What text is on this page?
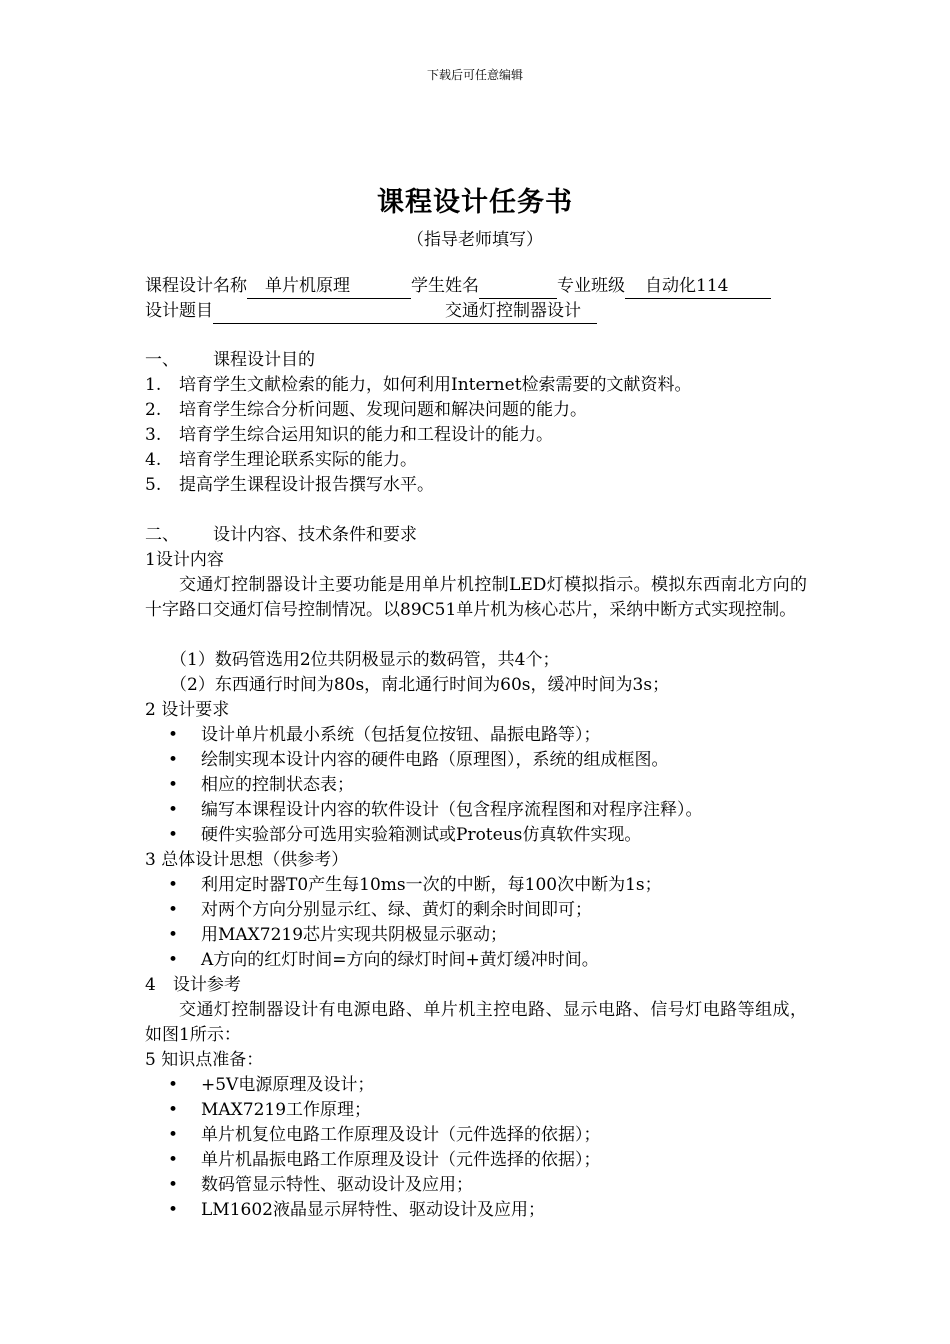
下载后可任意编辑
课程设计任务书
（指导老师填写）
课程设计名称 单片机原理	学生姓名	专业班级 自动化114
设计题目	交通灯控制器设计
一、 课程设计目的
1. 培育学生文献检索的能力，如何利用Internet检索需要的文献资料。
2. 培育学生综合分析问题、发现问题和解决问题的能力。
3. 培育学生综合运用知识的能力和工程设计的能力。
4. 培育学生理论联系实际的能力。
5. 提高学生课程设计报告撰写水平。
二、 设计内容、技术条件和要求
1设计内容
交通灯控制器设计主要功能是用单片机控制LED灯模拟指示。模拟东西南北方向的十字路口交通灯信号控制情况。以89C51单片机为核心芯片，采纳中断方式实现控制。
（1）数码管选用2位共阴极显示的数码管，共4个；
（2）东西通行时间为80s，南北通行时间为60s，缓冲时间为3s；
2 设计要求
• 设计单片机最小系统（包括复位按钮、晶振电路等）；
• 绘制实现本设计内容的硬件电路（原理图），系统的组成框图。
• 相应的控制状态表；
• 编写本课程设计内容的软件设计（包含程序流程图和对程序注释）。
• 硬件实验部分可选用实验箱测试或Proteus仿真软件实现。
3 总体设计思想（供参考）
• 利用定时器T0产生每10ms一次的中断，每100次中断为1s；
• 对两个方向分别显示红、绿、黄灯的剩余时间即可；
• 用MAX7219芯片实现共阴极显示驱动；
• A方向的红灯时间=方向的绿灯时间+黄灯缓冲时间。
4　设计参考
交通灯控制器设计有电源电路、单片机主控电路、显示电路、信号灯电路等组成，如图1所示：
5 知识点准备：
• +5V电源原理及设计；
• MAX7219工作原理；
• 单片机复位电路工作原理及设计（元件选择的依据）；
• 单片机晶振电路工作原理及设计（元件选择的依据）；
• 数码管显示特性、驱动设计及应用；
• LM1602液晶显示屏特性、驱动设计及应用；
